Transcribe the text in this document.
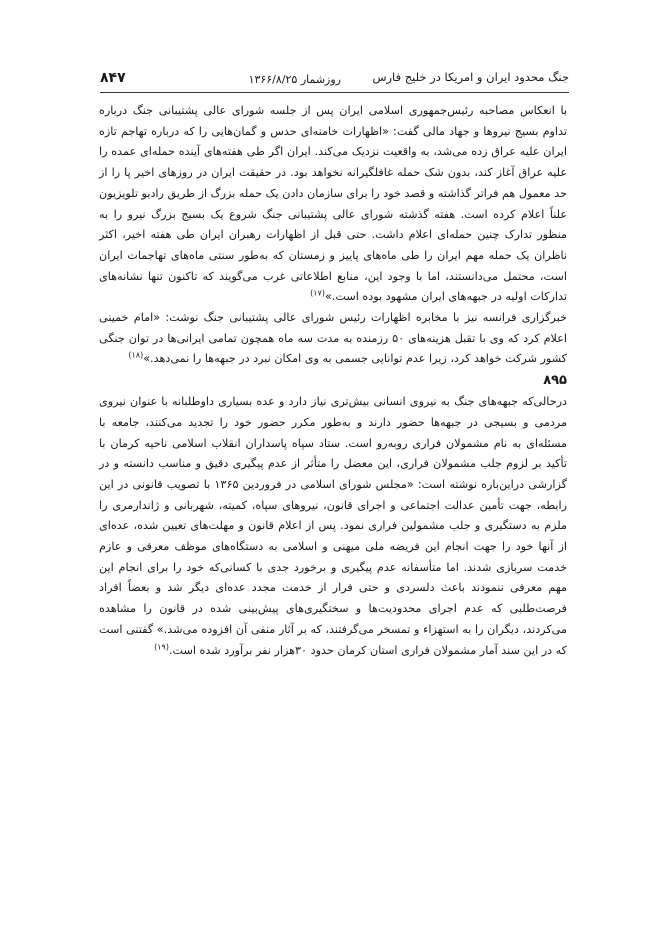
جنگ محدود ایران و امریکا در خلیج فارس
روزشمار ۱۳۶۶/۸/۲۵
۸۴۷

با انعکاس مصاحبه رئیس‌جمهوری اسلامی ایران پس از جلسه شورای عالی پشتیبانی جنگ درباره تداوم بسیج نیروها و جهاد مالی گفت: «اظهارات خامنه‌ای حدس و گمان‌هایی را که درباره تهاجم تازه ایران علیه عراق زده می‌شد، به واقعیت نزدیک می‌کند. ایران اگر طی هفته‌های آینده حمله‌ای عمده را علیه عراق آغاز کند، بدون شک حمله غافلگیرانه نخواهد بود. در حقیقت ایران در روزهای اخیر پا را از حد معمول هم فراتر گذاشته و قصد خود را برای سازمان دادن یک حمله بزرگ از طریق رادیو تلویزیون علناً اعلام کرده است. هفته گذشته شورای عالی پشتیبانی جنگ شروع یک بسیج بزرگ نیرو را به منظور تدارک چنین حمله‌ای اعلام داشت. حتی قبل از اظهارات رهبران ایران طی هفته اخیر، اکثر ناظران یک حمله مهم ایران را طی ماه‌های پاییز و زمستان که به‌طور سنتی ماه‌های تهاجمات ایران است، محتمل می‌دانستند، اما با وجود این، منابع اطلاعاتی غرب می‌گویند که تاکنون تنها نشانه‌های تدارکات اولیه در جبهه‌های ایران مشهود بوده است.»$^{(۱۷)}$

خبرگزاری فرانسه نیز با مخابره اظهارات رئیس شورای عالی پشتیبانی جنگ نوشت: «امام خمینی اعلام کرد که وی با تقبل هزینه‌های ۵۰ رزمنده به مدت سه ماه همچون تمامی ایرانی‌ها در توان جنگی کشور شرکت خواهد کرد، زیرا عدم توانایی جسمی به وی امکان نبرد در جبهه‌ها را نمی‌دهد.»$^{(۱۸)}$

۸۹۵

درحالی‌که جبهه‌های جنگ به نیروی انسانی بیش‌تری نیاز دارد و عده بسیاری داوطلبانه با عنوان نیروی مردمی و بسیجی در جبهه‌ها حضور دارند و به‌طور مکرر حضور خود را تجدید می‌کنند، جامعه با مسئله‌ای به نام مشمولان فراری روبه‌رو است. ستاد سپاه پاسداران انقلاب اسلامی ناحیه کرمان با تأکید بر لزوم جلب مشمولان فراری، این معضل را متأثر از عدم پیگیری دقیق و مناسب دانسته و در گزارشی دراین‌باره نوشته است: «مجلس شورای اسلامی در فروردین ۱۳۶۵ با تصویب قانونی در این رابطه، جهت تأمین عدالت اجتماعی و اجرای قانون، نیروهای سپاه، کمیته، شهربانی و ژاندارمری را ملزم به دستگیری و جلب مشمولین فراری نمود. پس از اعلام قانون و مهلت‌های تعیین شده، عده‌ای از آنها خود را جهت انجام این فریضه ملی میهنی و اسلامی به دستگاه‌های موظف معرفی و عازم خدمت سربازی شدند. اما متأسفانه عدم پیگیری و برخورد جدی با کسانی‌که خود را برای انجام این مهم معرفی ننمودند باعث دلسردی و حتی فرار از خدمت مجدد عده‌ای دیگر شد و بعضاً افراد فرصت‌طلبی که عدم اجرای محدودیت‌ها و سختگیری‌های پیش‌بینی شده در قانون را مشاهده می‌کردند، دیگران را به استهزاء و تمسخر می‌گرفتند، که بر آثار منفی آن افزوده می‌شد.» گفتنی است که در این سند آمار مشمولان فراری استان کرمان حدود ۳۰هزار نفر برآورد شده است.$^{(۱۹)}$
